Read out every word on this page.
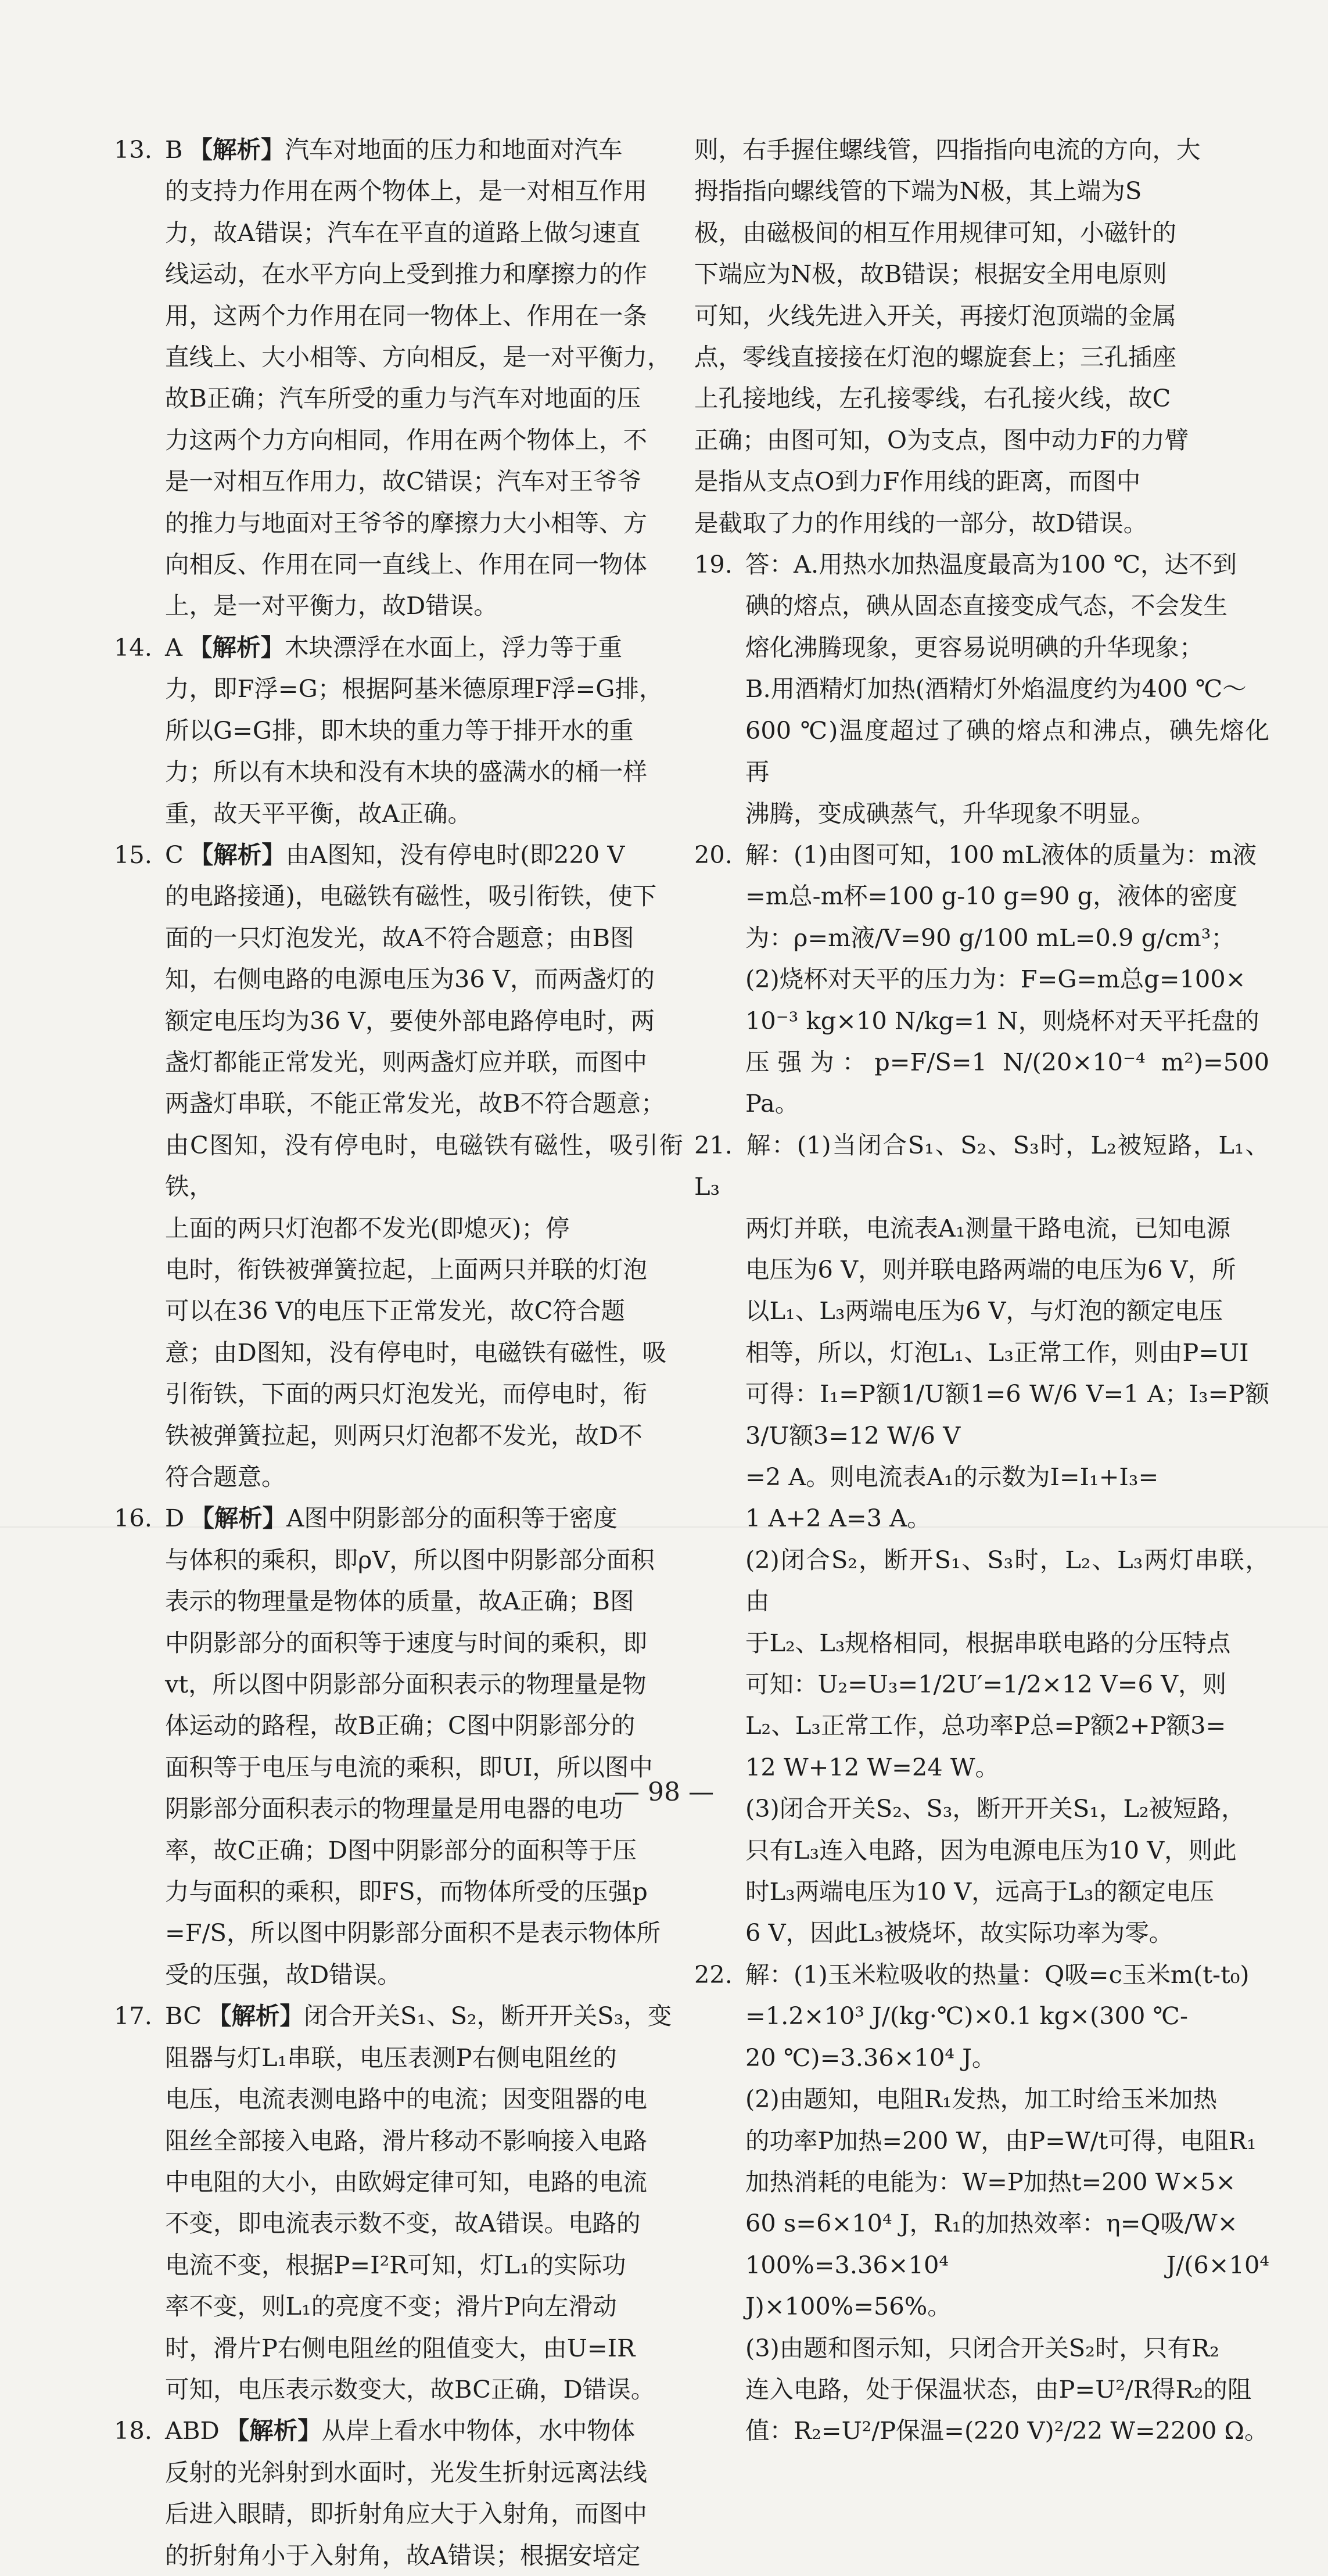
13. B 【解析】汽车对地面的压力和地面对汽车
的支持力作用在两个物体上，是一对相互作用
力，故A错误；汽车在平直的道路上做匀速直
线运动，在水平方向上受到推力和摩擦力的作
用，这两个力作用在同一物体上、作用在一条
直线上、大小相等、方向相反，是一对平衡力，
故B正确；汽车所受的重力与汽车对地面的压
力这两个力方向相同，作用在两个物体上，不
是一对相互作用力，故C错误；汽车对王爷爷
的推力与地面对王爷爷的摩擦力大小相等、方
向相反、作用在同一直线上、作用在同一物体
上，是一对平衡力，故D错误。
14. A 【解析】木块漂浮在水面上，浮力等于重
力，即F浮=G；根据阿基米德原理F浮=G排，
所以G=G排，即木块的重力等于排开水的重
力；所以有木块和没有木块的盛满水的桶一样
重，故天平平衡，故A正确。
15. C 【解析】由A图知，没有停电时(即220 V
的电路接通)，电磁铁有磁性，吸引衔铁，使下
面的一只灯泡发光，故A不符合题意；由B图
知，右侧电路的电源电压为36 V，而两盏灯的
额定电压均为36 V，要使外部电路停电时，两
盏灯都能正常发光，则两盏灯应并联，而图中
两盏灯串联，不能正常发光，故B不符合题意；
由C图知，没有停电时，电磁铁有磁性，吸引衔铁，
上面的两只灯泡都不发光(即熄灭)；停
电时，衔铁被弹簧拉起，上面两只并联的灯泡
可以在36 V的电压下正常发光，故C符合题
意；由D图知，没有停电时，电磁铁有磁性，吸
引衔铁，下面的两只灯泡发光，而停电时，衔
铁被弹簧拉起，则两只灯泡都不发光，故D不
符合题意。
16. D 【解析】A图中阴影部分的面积等于密度
与体积的乘积，即ρV，所以图中阴影部分面积
表示的物理量是物体的质量，故A正确；B图
中阴影部分的面积等于速度与时间的乘积，即
vt，所以图中阴影部分面积表示的物理量是物
体运动的路程，故B正确；C图中阴影部分的
面积等于电压与电流的乘积，即UI，所以图中
阴影部分面积表示的物理量是用电器的电功
率，故C正确；D图中阴影部分的面积等于压
力与面积的乘积，即FS，而物体所受的压强p
=F/S，所以图中阴影部分面积不是表示物体所
受的压强，故D错误。
17. BC 【解析】闭合开关S₁、S₂，断开开关S₃，变
阻器与灯L₁串联，电压表测P右侧电阻丝的
电压，电流表测电路中的电流；因变阻器的电
阻丝全部接入电路，滑片移动不影响接入电路
中电阻的大小，由欧姆定律可知，电路的电流
不变，即电流表示数不变，故A错误。电路的
电流不变，根据P=I²R可知，灯L₁的实际功
率不变，则L₁的亮度不变；滑片P向左滑动
时，滑片P右侧电阻丝的阻值变大，由U=IR
可知，电压表示数变大，故BC正确，D错误。
18. ABD 【解析】从岸上看水中物体，水中物体
反射的光斜射到水面时，光发生折射远离法线
后进入眼睛，即折射角应大于入射角，而图中
的折射角小于入射角，故A错误；根据安培定
则，右手握住螺线管，四指指向电流的方向，大
拇指指向螺线管的下端为N极，其上端为S
极，由磁极间的相互作用规律可知，小磁针的
下端应为N极，故B错误；根据安全用电原则
可知，火线先进入开关，再接灯泡顶端的金属
点，零线直接接在灯泡的螺旋套上；三孔插座
上孔接地线，左孔接零线，右孔接火线，故C
正确；由图可知，O为支点，图中动力F的力臂
是指从支点O到力F作用线的距离，而图中
是截取了力的作用线的一部分，故D错误。
19. 答：A.用热水加热温度最高为100 ℃，达不到
碘的熔点，碘从固态直接变成气态，不会发生
熔化沸腾现象，更容易说明碘的升华现象；
B.用酒精灯加热(酒精灯外焰温度约为400 ℃～
600 ℃)温度超过了碘的熔点和沸点，碘先熔化再
沸腾，变成碘蒸气，升华现象不明显。
20. 解：(1)由图可知，100 mL液体的质量为：m液
=m总-m杯=100 g-10 g=90 g，液体的密度
为：ρ=m液/V=90 g/100 mL=0.9 g/cm³；
(2)烧杯对天平的压力为：F=G=m总g=100×
10⁻³ kg×10 N/kg=1 N，则烧杯对天平托盘的
压强为：p=F/S=1 N/(20×10⁻⁴ m²)=500 Pa。
21. 解：(1)当闭合S₁、S₂、S₃时，L₂被短路，L₁、L₃
两灯并联，电流表A₁测量干路电流，已知电源
电压为6 V，则并联电路两端的电压为6 V，所
以L₁、L₃两端电压为6 V，与灯泡的额定电压
相等，所以，灯泡L₁、L₃正常工作，则由P=UI
可得：I₁=P额1/U额1=6 W/6 V=1 A；I₃=P额3/U额3=12 W/6 V
=2 A。则电流表A₁的示数为I=I₁+I₃=
1 A+2 A=3 A。
(2)闭合S₂，断开S₁、S₃时，L₂、L₃两灯串联，由
于L₂、L₃规格相同，根据串联电路的分压特点
可知：U₂=U₃=1/2U′=1/2×12 V=6 V，则
L₂、L₃正常工作，总功率P总=P额2+P额3=
12 W+12 W=24 W。
(3)闭合开关S₂、S₃，断开开关S₁，L₂被短路，
只有L₃连入电路，因为电源电压为10 V，则此
时L₃两端电压为10 V，远高于L₃的额定电压
6 V，因此L₃被烧坏，故实际功率为零。
22. 解：(1)玉米粒吸收的热量：Q吸=c玉米m(t-t₀)
=1.2×10³ J/(kg·℃)×0.1 kg×(300 ℃-
20 ℃)=3.36×10⁴ J。
(2)由题知，电阻R₁发热，加工时给玉米加热
的功率P加热=200 W，由P=W/t可得，电阻R₁
加热消耗的电能为：W=P加热t=200 W×5×
60 s=6×10⁴ J，R₁的加热效率：η=Q吸/W×
100%=3.36×10⁴ J/(6×10⁴ J)×100%=56%。
(3)由题和图示知，只闭合开关S₂时，只有R₂
连入电路，处于保温状态，由P=U²/R得R₂的阻
值：R₂=U²/P保温=(220 V)²/22 W=2200 Ω。
— 98 —
